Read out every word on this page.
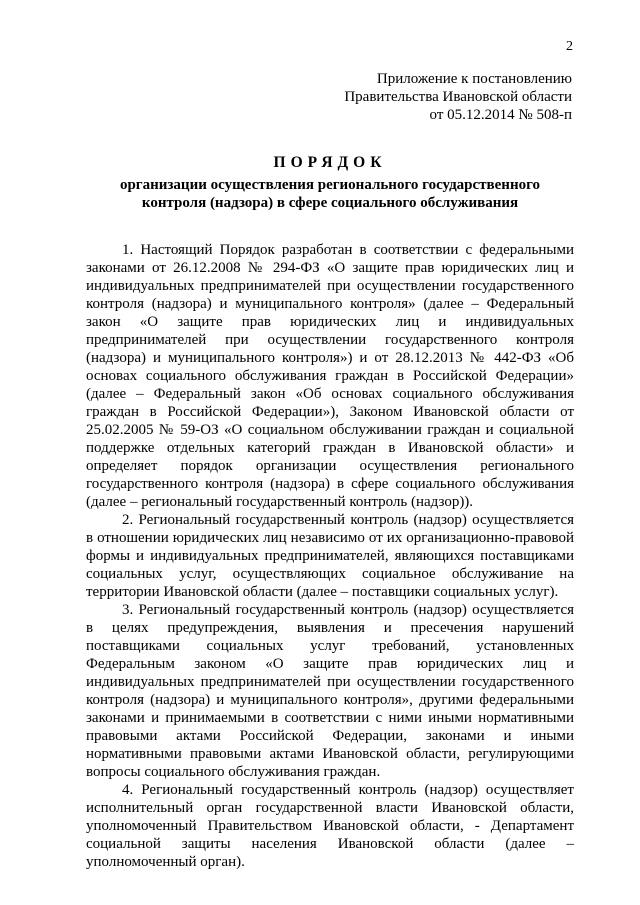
2
Приложение к постановлению
Правительства Ивановской области
от 05.12.2014 № 508-п
ПОРЯДОК
организации осуществления регионального государственного
контроля (надзора) в сфере социального обслуживания

1. Настоящий Порядок разработан в соответствии с федеральными законами от 26.12.2008 № 294-ФЗ «О защите прав юридических лиц и индивидуальных предпринимателей при осуществлении государственного контроля (надзора) и муниципального контроля» (далее – Федеральный закон «О защите прав юридических лиц и индивидуальных предпринимателей при осуществлении государственного контроля (надзора) и муниципального контроля») и от 28.12.2013 № 442-ФЗ «Об основах социального обслуживания граждан в Российской Федерации» (далее – Федеральный закон «Об основах социального обслуживания граждан в Российской Федерации»), Законом Ивановской области от 25.02.2005 № 59-ОЗ «О социальном обслуживании граждан и социальной поддержке отдельных категорий граждан в Ивановской области» и определяет порядок организации осуществления регионального государственного контроля (надзора) в сфере социального обслуживания (далее – региональный государственный контроль (надзор)).

2. Региональный государственный контроль (надзор) осуществляется в отношении юридических лиц независимо от их организационно-правовой формы и индивидуальных предпринимателей, являющихся поставщиками социальных услуг, осуществляющих социальное обслуживание на территории Ивановской области (далее – поставщики социальных услуг).

3. Региональный государственный контроль (надзор) осуществляется в целях предупреждения, выявления и пресечения нарушений поставщиками социальных услуг требований, установленных Федеральным законом «О защите прав юридических лиц и индивидуальных предпринимателей при осуществлении государственного контроля (надзора) и муниципального контроля», другими федеральными законами и принимаемыми в соответствии с ними иными нормативными правовыми актами Российской Федерации, законами и иными нормативными правовыми актами Ивановской области, регулирующими вопросы социального обслуживания граждан.

4. Региональный государственный контроль (надзор) осуществляет исполнительный орган государственной власти Ивановской области, уполномоченный Правительством Ивановской области, - Департамент социальной защиты населения Ивановской области (далее – уполномоченный орган).
